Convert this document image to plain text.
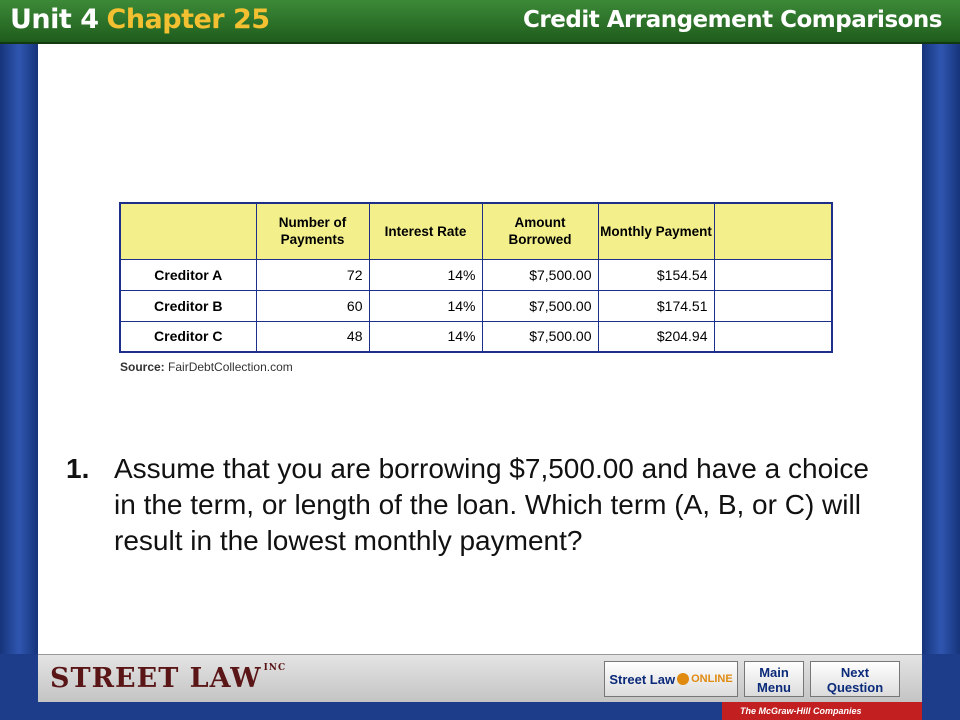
Unit 4 Chapter 25	Credit Arrangement Comparisons
	Number of Payments	Interest Rate	Amount Borrowed	Monthly Payment	
Creditor A	72	14%	$7,500.00	$154.54	
Creditor B	60	14%	$7,500.00	$174.51	
Creditor C	48	14%	$7,500.00	$204.94	
Source: FairDebtCollection.com
1. Assume that you are borrowing $7,500.00 and have a choice in the term, or length of the loan. Which term (A, B, or C) will result in the lowest monthly payment?
STREET LAW $^{INC}$
Street Law ONLINE	Main
Menu
Next
Question
The McGraw-Hill Companies
